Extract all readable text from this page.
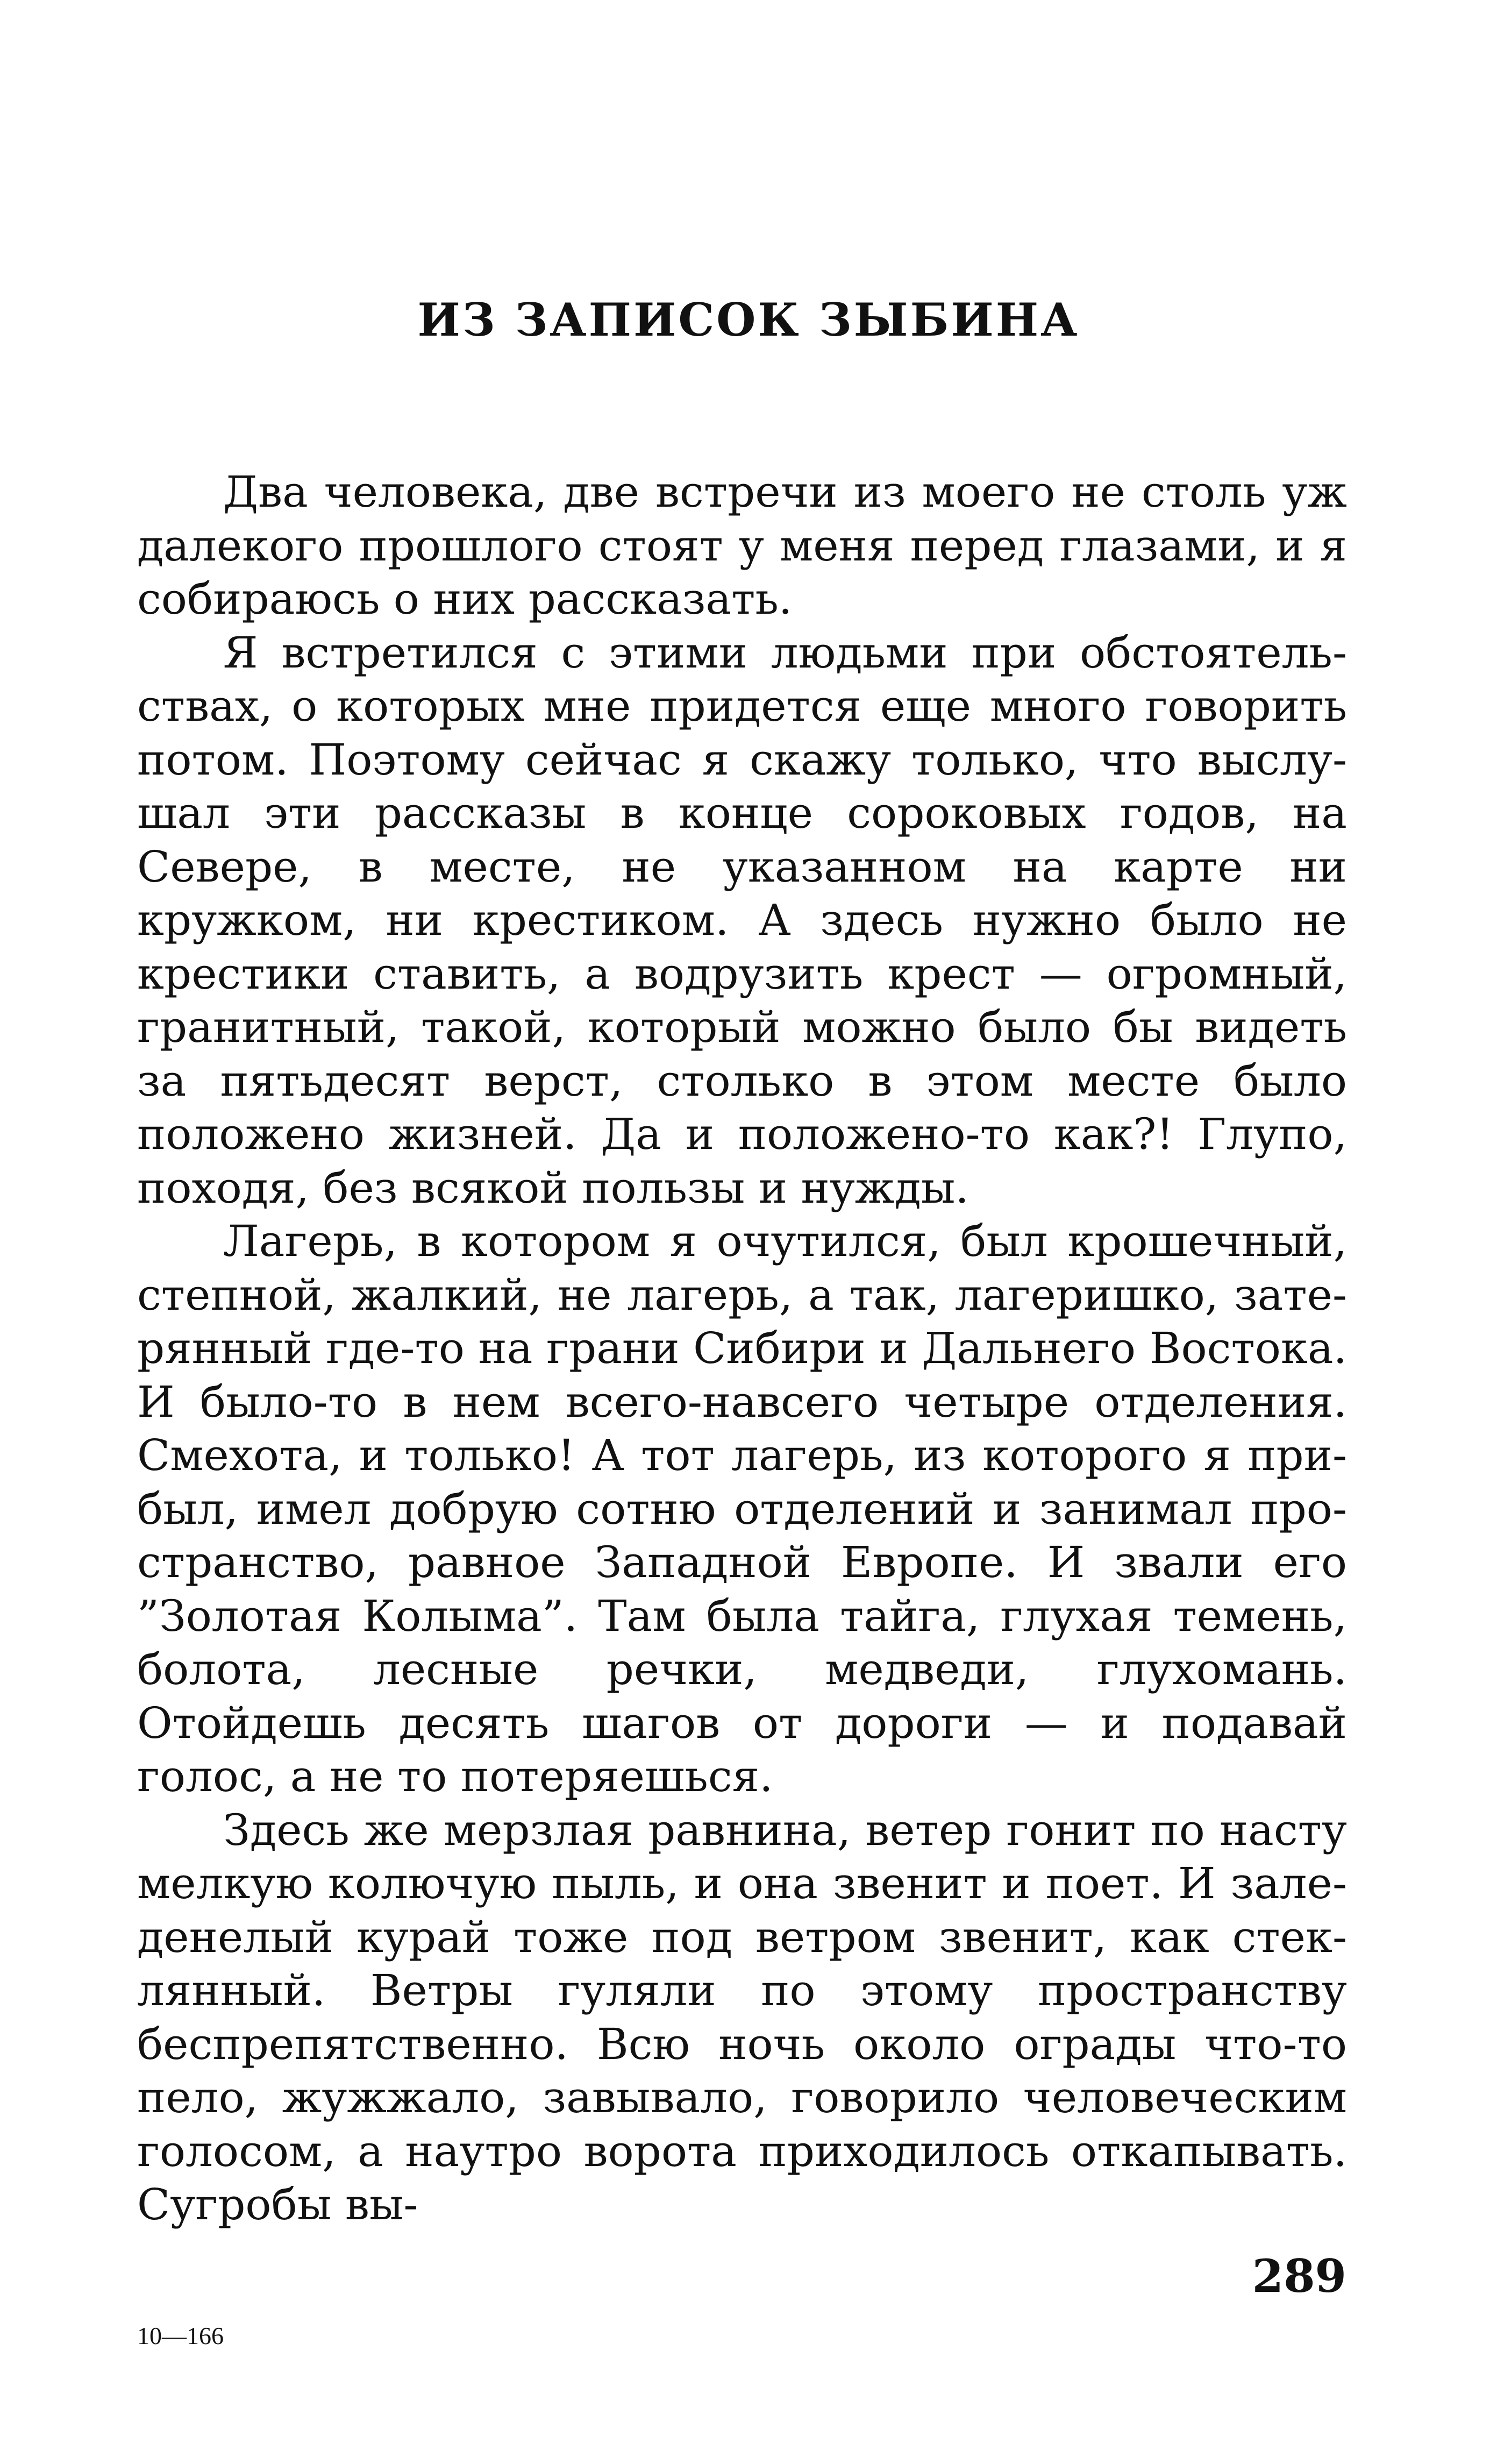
ИЗ ЗАПИСОК ЗЫБИНА

Два человека, две встречи из моего не столь уж далекого прошлого стоят у меня перед глазами, и я собираюсь о них рассказать.

Я встретился с этими людьми при обстоятельствах, о которых мне придется еще много говорить потом. Поэтому сейчас я скажу только, что выслушал эти рассказы в конце сороковых годов, на Севере, в месте, не указанном на карте ни кружком, ни крестиком. А здесь нужно было не крестики ставить, а водрузить крест — огромный, гранитный, такой, который можно было бы видеть за пятьдесят верст, столько в этом месте было положено жизней. Да и положено-то как?! Глупо, походя, без всякой пользы и нужды.

Лагерь, в котором я очутился, был крошечный, степной, жалкий, не лагерь, а так, лагеришко, затерянный где-то на грани Сибири и Дальнего Востока. И было-то в нем всего-навсего четыре отделения. Смехота, и только! А тот лагерь, из которого я прибыл, имел добрую сотню отделений и занимал пространство, равное Западной Европе. И звали его ”Золотая Колыма”. Там была тайга, глухая темень, болота, лесные речки, медведи, глухомань. Отойдешь десять шагов от дороги — и подавай голос, а не то потеряешься.

Здесь же мерзлая равнина, ветер гонит по насту мелкую колючую пыль, и она звенит и поет. И заледенелый курай тоже под ветром звенит, как стеклянный. Ветры гуляли по этому пространству беспрепятственно. Всю ночь около ограды что-то пело, жужжало, завывало, говорило человеческим голосом, а наутро ворота приходилось откапывать. Сугробы вы-

289
10—166
